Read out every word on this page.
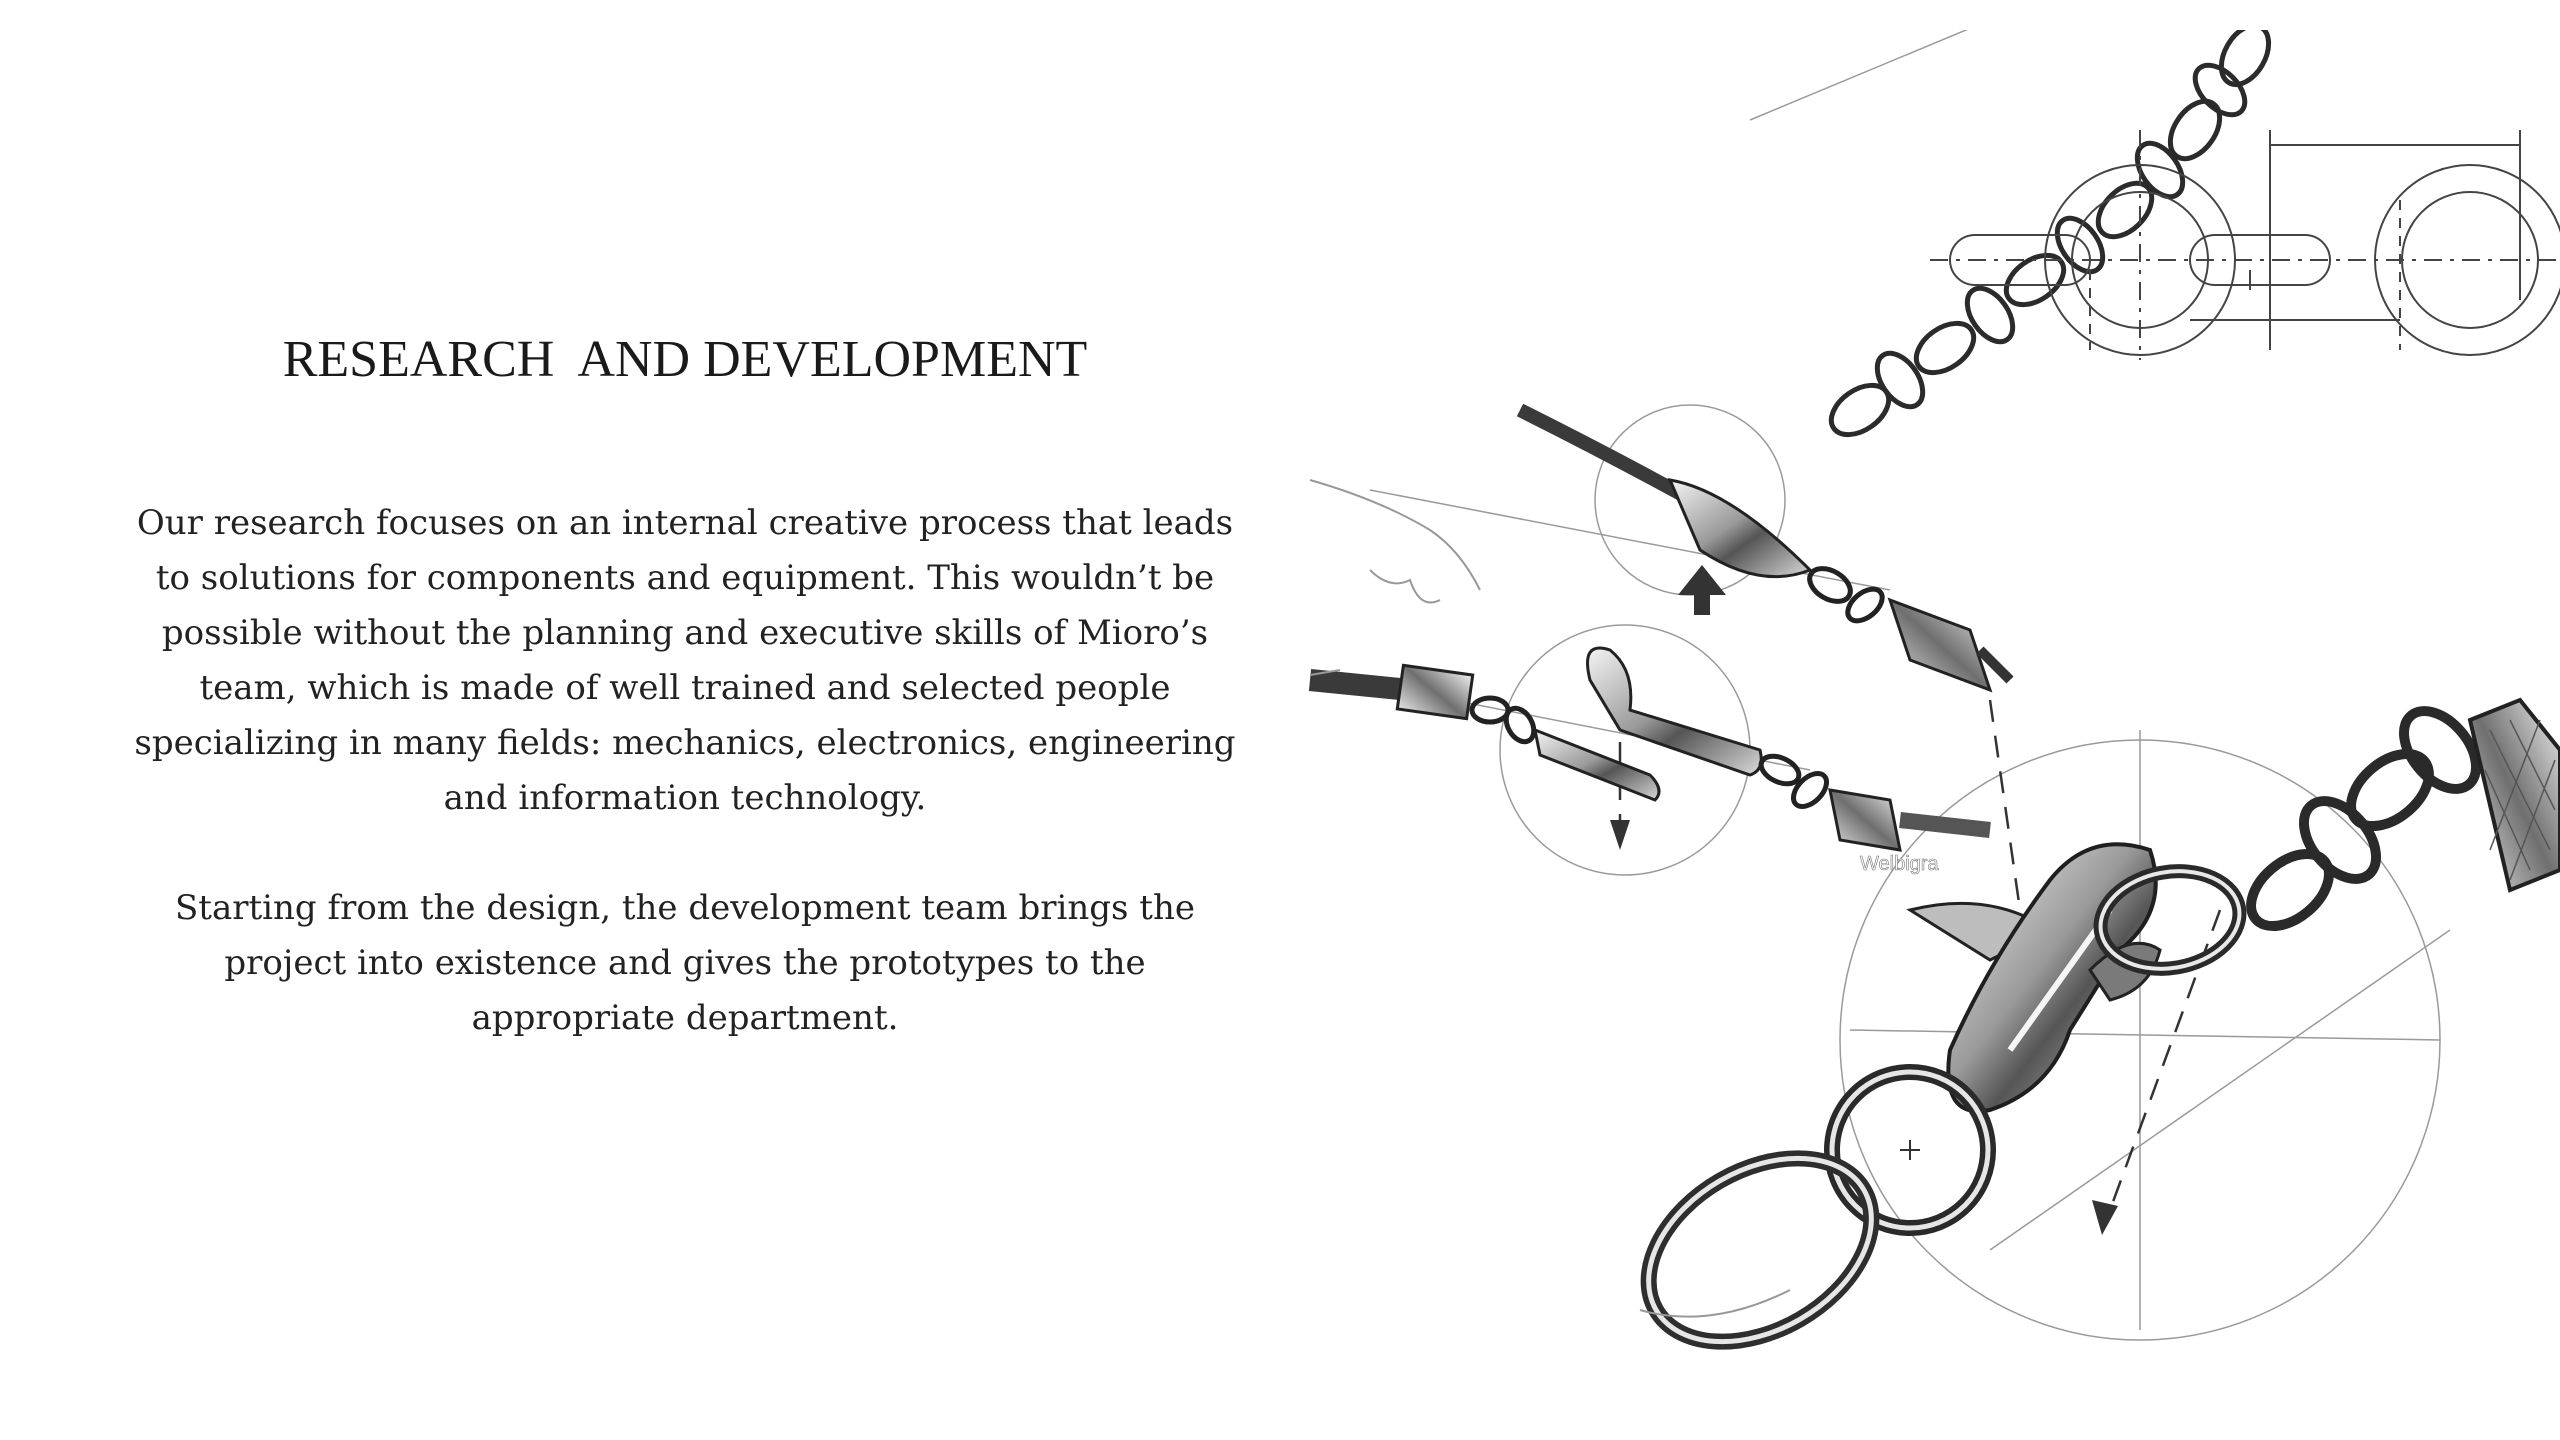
RESEARCH  AND DEVELOPMENT

Our research focuses on an internal creative process that leads to solutions for components and equipment. This wouldn’t be possible without the planning and executive skills of Mioro’s team, which is made of well trained and selected people specializing in many fields: mechanics, electronics, engineering and information technology.

Starting from the design, the development team brings the project into existence and gives the prototypes to the appropriate department.

Welbigra
